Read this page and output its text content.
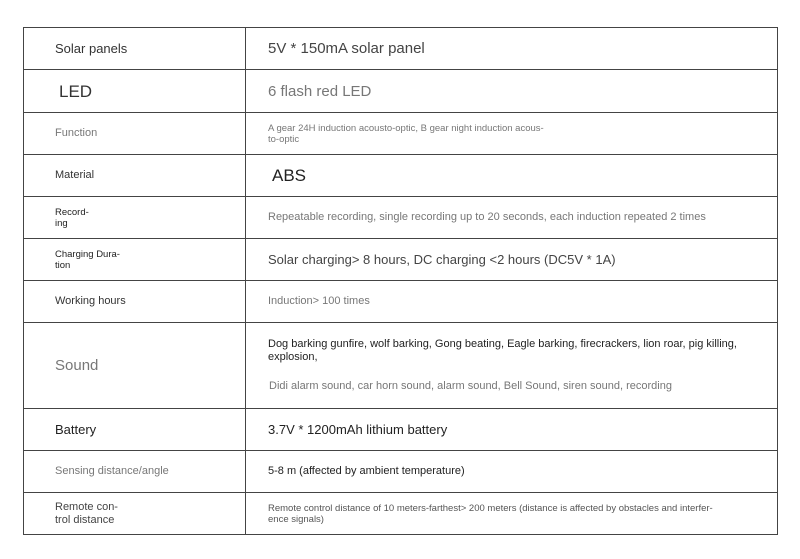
Solar panels	5V * 150mA solar panel

LED	6 flash red LED

Function	A gear 24H induction acousto-optic, B gear night induction acous-
to-optic

Material	ABS

Record-
ing	Repeatable recording, single recording up to 20 seconds, each induction repeated 2 times

Charging Dura-
tion	Solar charging> 8 hours, DC charging <2 hours (DC5V * 1A)

Working hours	Induction> 100 times

Sound	Dog barking gunfire, wolf barking, Gong beating, Eagle barking, firecrackers, lion roar, pig killing, explosion,
Didi alarm sound, car horn sound, alarm sound, Bell Sound, siren sound, recording

Battery	3.7V * 1200mAh lithium battery

Sensing distance/angle	5-8 m (affected by ambient temperature)

Remote con-
trol distance	Remote control distance of 10 meters-farthest> 200 meters (distance is affected by obstacles and interfer-
ence signals)
